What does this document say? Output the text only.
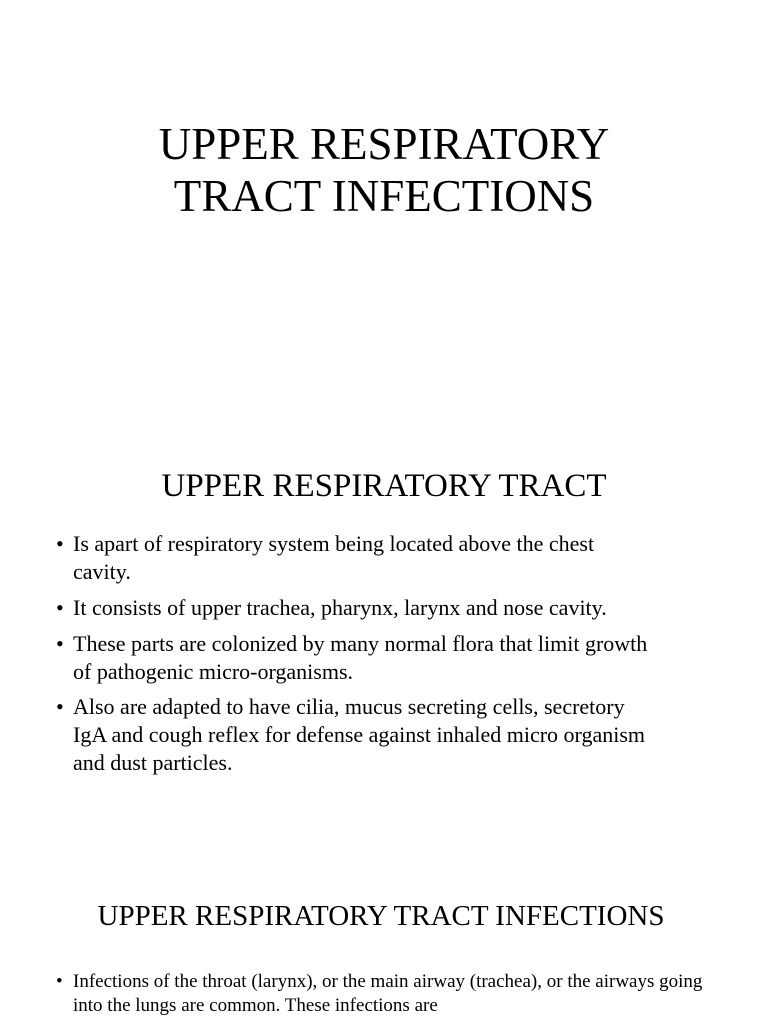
UPPER RESPIRATORY
TRACT INFECTIONS
UPPER RESPIRATORY TRACT
• Is apart of respiratory system being located above the chest cavity.
• It consists of upper trachea, pharynx, larynx and nose cavity.
• These parts are colonized by many normal flora that limit growth of pathogenic micro-organisms.
• Also are adapted to have cilia, mucus secreting cells, secretory IgA and cough reflex for defense against inhaled micro organism and dust particles.
UPPER RESPIRATORY TRACT INFECTIONS
• Infections of the throat (larynx), or the main airway (trachea), or the airways going into the lungs are common. These infections are
